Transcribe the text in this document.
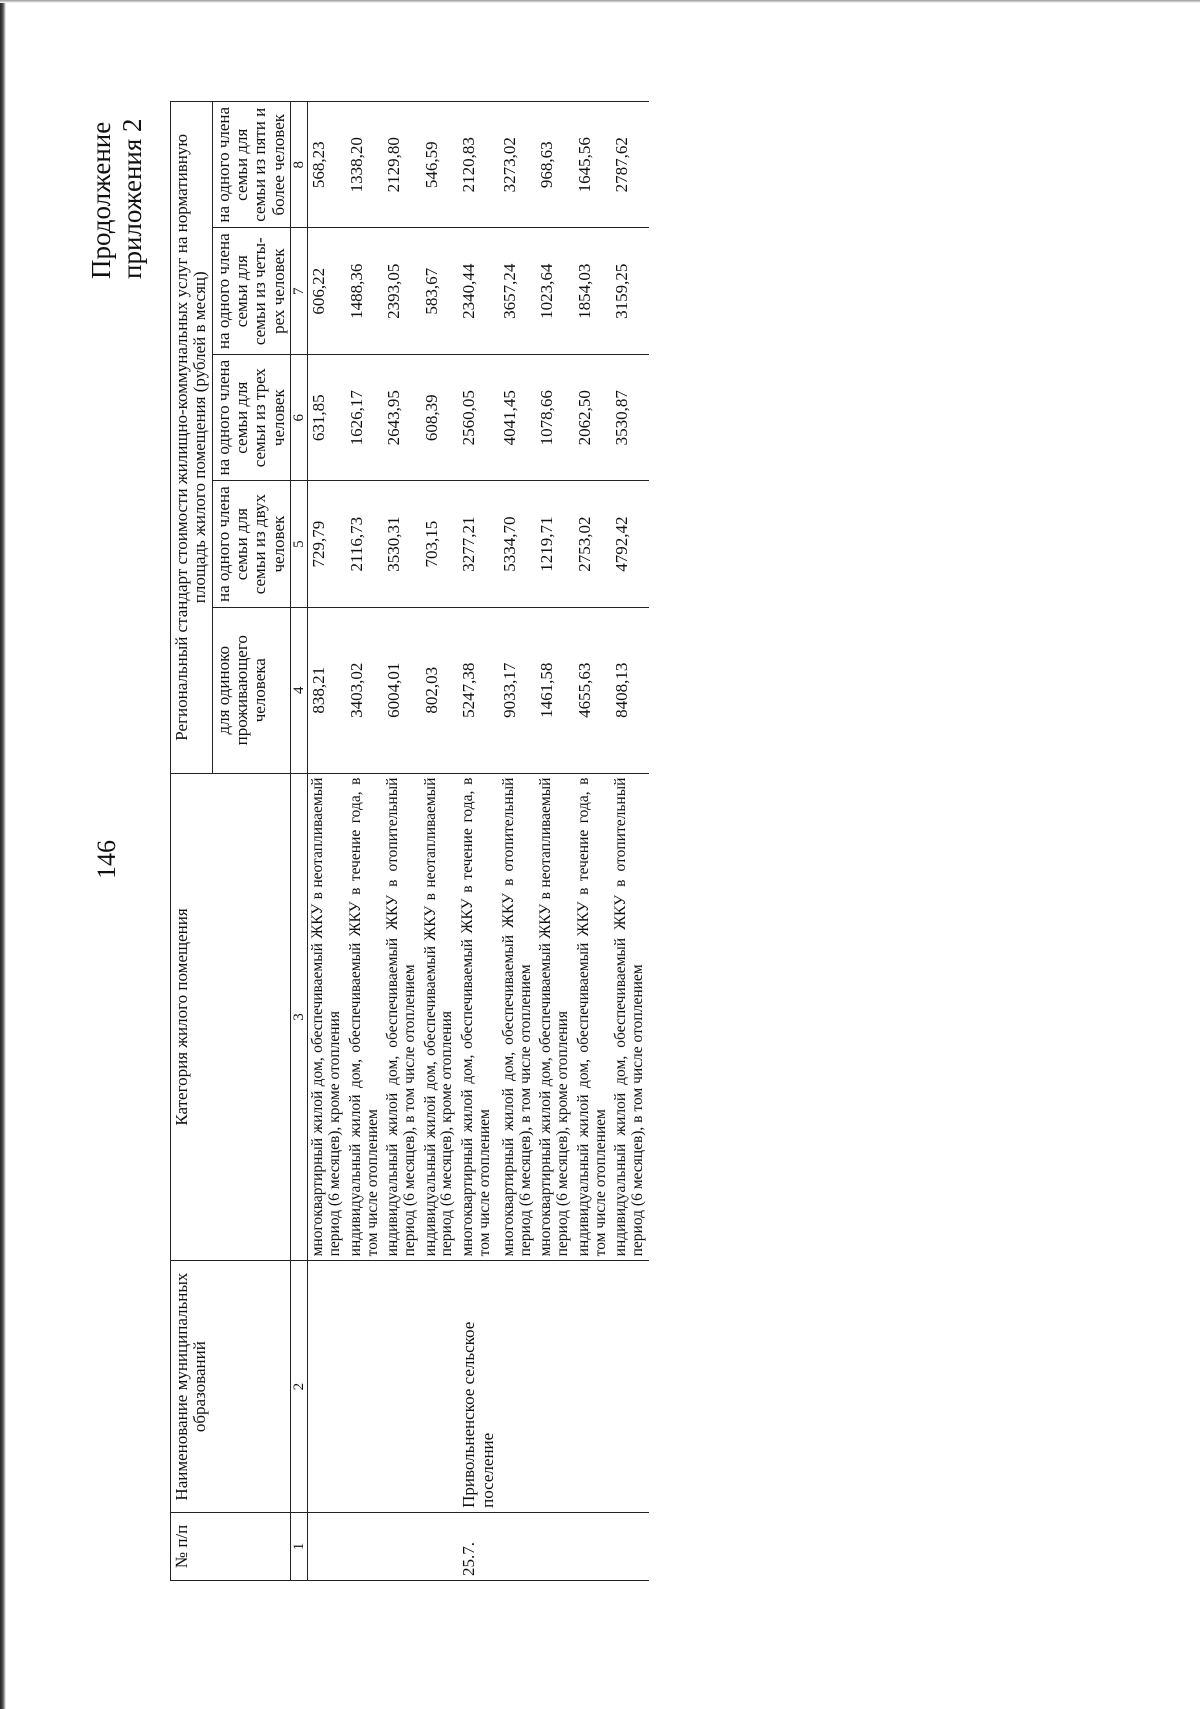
146
Продолжение приложения 2
№ п/п	Наименование муниципальных образований	Категория жилого помещения	Региональный стандарт стоимости жилищно-коммунальных услуг на нормативную площадь жилого помещения (рублей в месяц)				
			для одиноко проживающего человека	на одного члена семьи для семьи из двух человек	на одного члена семьи для семьи из трех человек	на одного члена семьи для семьи из четы-рех человек	на одного члена семьи для семьи из пяти и более человек
1	2	3	4	5	6	7	8
		многоквартирный жилой дом, обеспечиваемый ЖКУ в неотапливаемый период (6 месяцев), кроме отопления	838,21	729,79	631,85	606,22	568,23
		индивидуальный жилой дом, обеспечиваемый ЖКУ в течение года, в том числе отоплением	3403,02	2116,73	1626,17	1488,36	1338,20
		индивидуальный жилой дом, обеспечиваемый ЖКУ в отопительный период (6 месяцев), в том числе отоплением	6004,01	3530,31	2643,95	2393,05	2129,80
		индивидуальный жилой дом, обеспечиваемый ЖКУ в неотапливаемый период (6 месяцев), кроме отопления	802,03	703,15	608,39	583,67	546,59
25.7.	Привольненское сельское поселение	многоквартирный жилой дом, обеспечиваемый ЖКУ в течение года, в том числе отоплением	5247,38	3277,21	2560,05	2340,44	2120,83
		многоквартирный жилой дом, обеспечиваемый ЖКУ в отопительный период (6 месяцев), в том числе отоплением	9033,17	5334,70	4041,45	3657,24	3273,02
		многоквартирный жилой дом, обеспечиваемый ЖКУ в неотапливаемый период (6 месяцев), кроме отопления	1461,58	1219,71	1078,66	1023,64	968,63
		индивидуальный жилой дом, обеспечиваемый ЖКУ в течение года, в том числе отоплением	4655,63	2753,02	2062,50	1854,03	1645,56
		индивидуальный жилой дом, обеспечиваемый ЖКУ в отопительный период (6 месяцев), в том числе отоплением	8408,13	4792,42	3530,87	3159,25	2787,62
